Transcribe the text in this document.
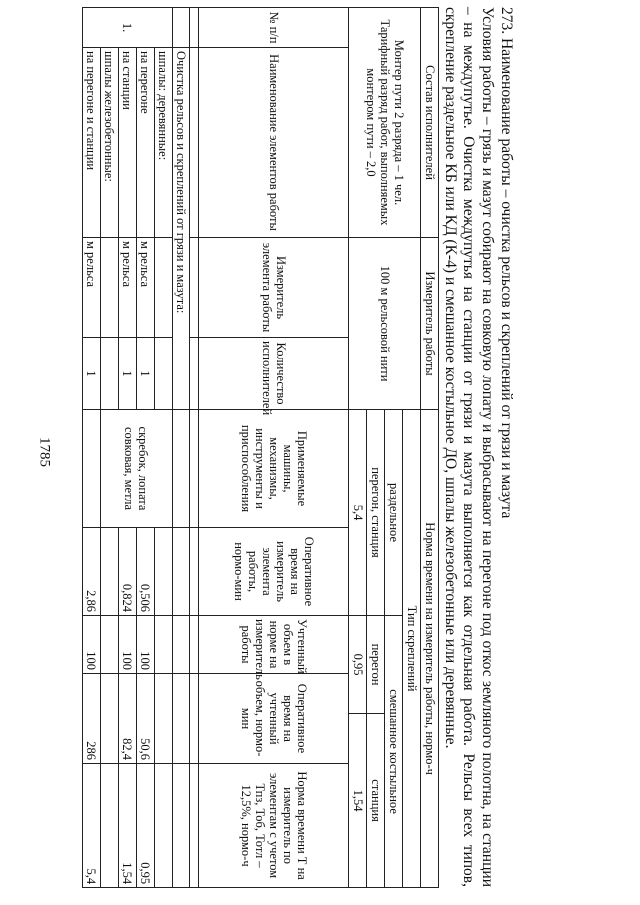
1785	273. Наименование работы – очистка рельсов и скреплений от грязи и мазута

Условия работы – грязь и мазут собирают на совковую лопату и выбрасывают на перегоне под откос земляного полотна, на станции – на междупутье. Очистка междупутья на станции от грязи и мазута выполняется как отдельная работа. Рельсы всех типов, скрепление раздельное КБ или КД (К-4) и смешанное костыльное ДО, шпалы железобетонные или деревянные.

Состав исполнителей		Измеритель работы		Норма времени на измеритель работы, нормо-ч					

Монтер пути 2 разряда – 1 чел.
Тарифный разряд работ, выполняемых монтером пути – 2,0		100 м рельсовой нити		Тип скреплений					
				раздельное		смешанное костыльное			
				перегон, станция		перегон		станция	
				5,4		0,95		1,54	
№ п/п	Наименование элементов работы	Измеритель элемента работы	Количество исполнителей	Применяемые машины, механизмы, инструменты и приспособления	Оперативное время на измеритель элемента работы, нормо-мин	Учтенный объем в норме на измеритель работы	Оперативное время на учтенный объем, нормо-мин		Норма времени Т на измеритель по элементам с учетом Тпз, Тоб, Тотл – 12,5%, нормо-ч

	Очистка рельсов и скреплений от грязи и мазута:								
1.	шпалы: деревянные:			скребок, лопата совковая, метла					
	на перегоне	м рельса	1		0,506	100	50,6		0,95
	на станции	м рельса	1		0,824	100	82,4		1,54
	шпалы железобетонные:								
	на перегоне и станции	м рельса	1		2,86	100	286		5,4
